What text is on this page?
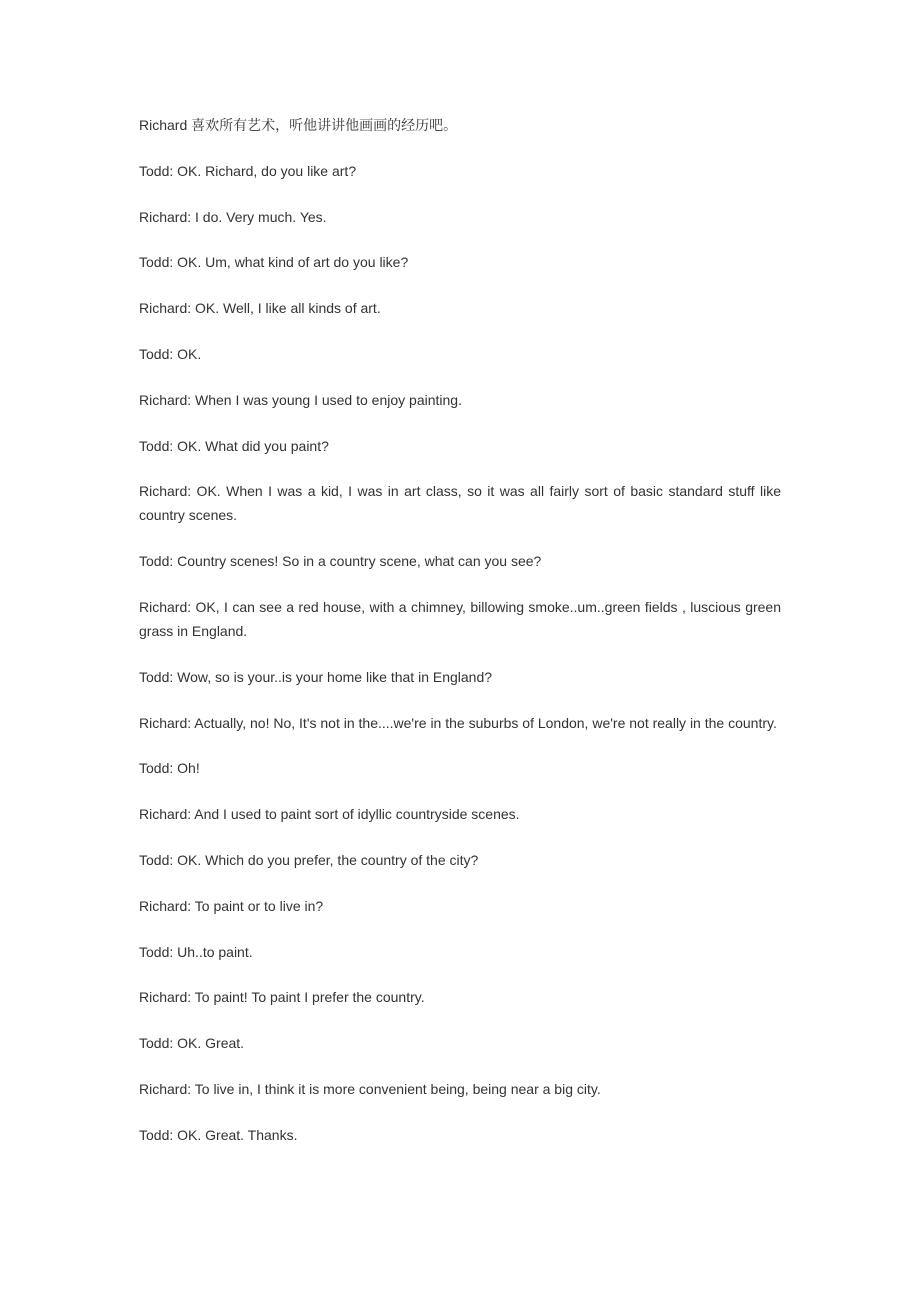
Richard 喜欢所有艺术，听他讲讲他画画的经历吧。

Todd: OK. Richard, do you like art?

Richard: I do. Very much. Yes.

Todd: OK. Um, what kind of art do you like?

Richard: OK. Well, I like all kinds of art.

Todd: OK.

Richard: When I was young I used to enjoy painting.

Todd: OK. What did you paint?

Richard: OK. When I was a kid, I was in art class, so it was all fairly sort of basic standard stuff like country scenes.

Todd: Country scenes! So in a country scene, what can you see?

Richard: OK, I can see a red house, with a chimney, billowing smoke..um..green fields , luscious green grass in England.

Todd: Wow, so is your..is your home like that in England?

Richard: Actually, no! No, It's not in the....we're in the suburbs of London, we're not really in the country.

Todd: Oh!

Richard: And I used to paint sort of idyllic countryside scenes.

Todd: OK. Which do you prefer, the country of the city?

Richard: To paint or to live in?

Todd: Uh..to paint.

Richard: To paint! To paint I prefer the country.

Todd: OK. Great.

Richard: To live in, I think it is more convenient being, being near a big city.

Todd: OK. Great. Thanks.
